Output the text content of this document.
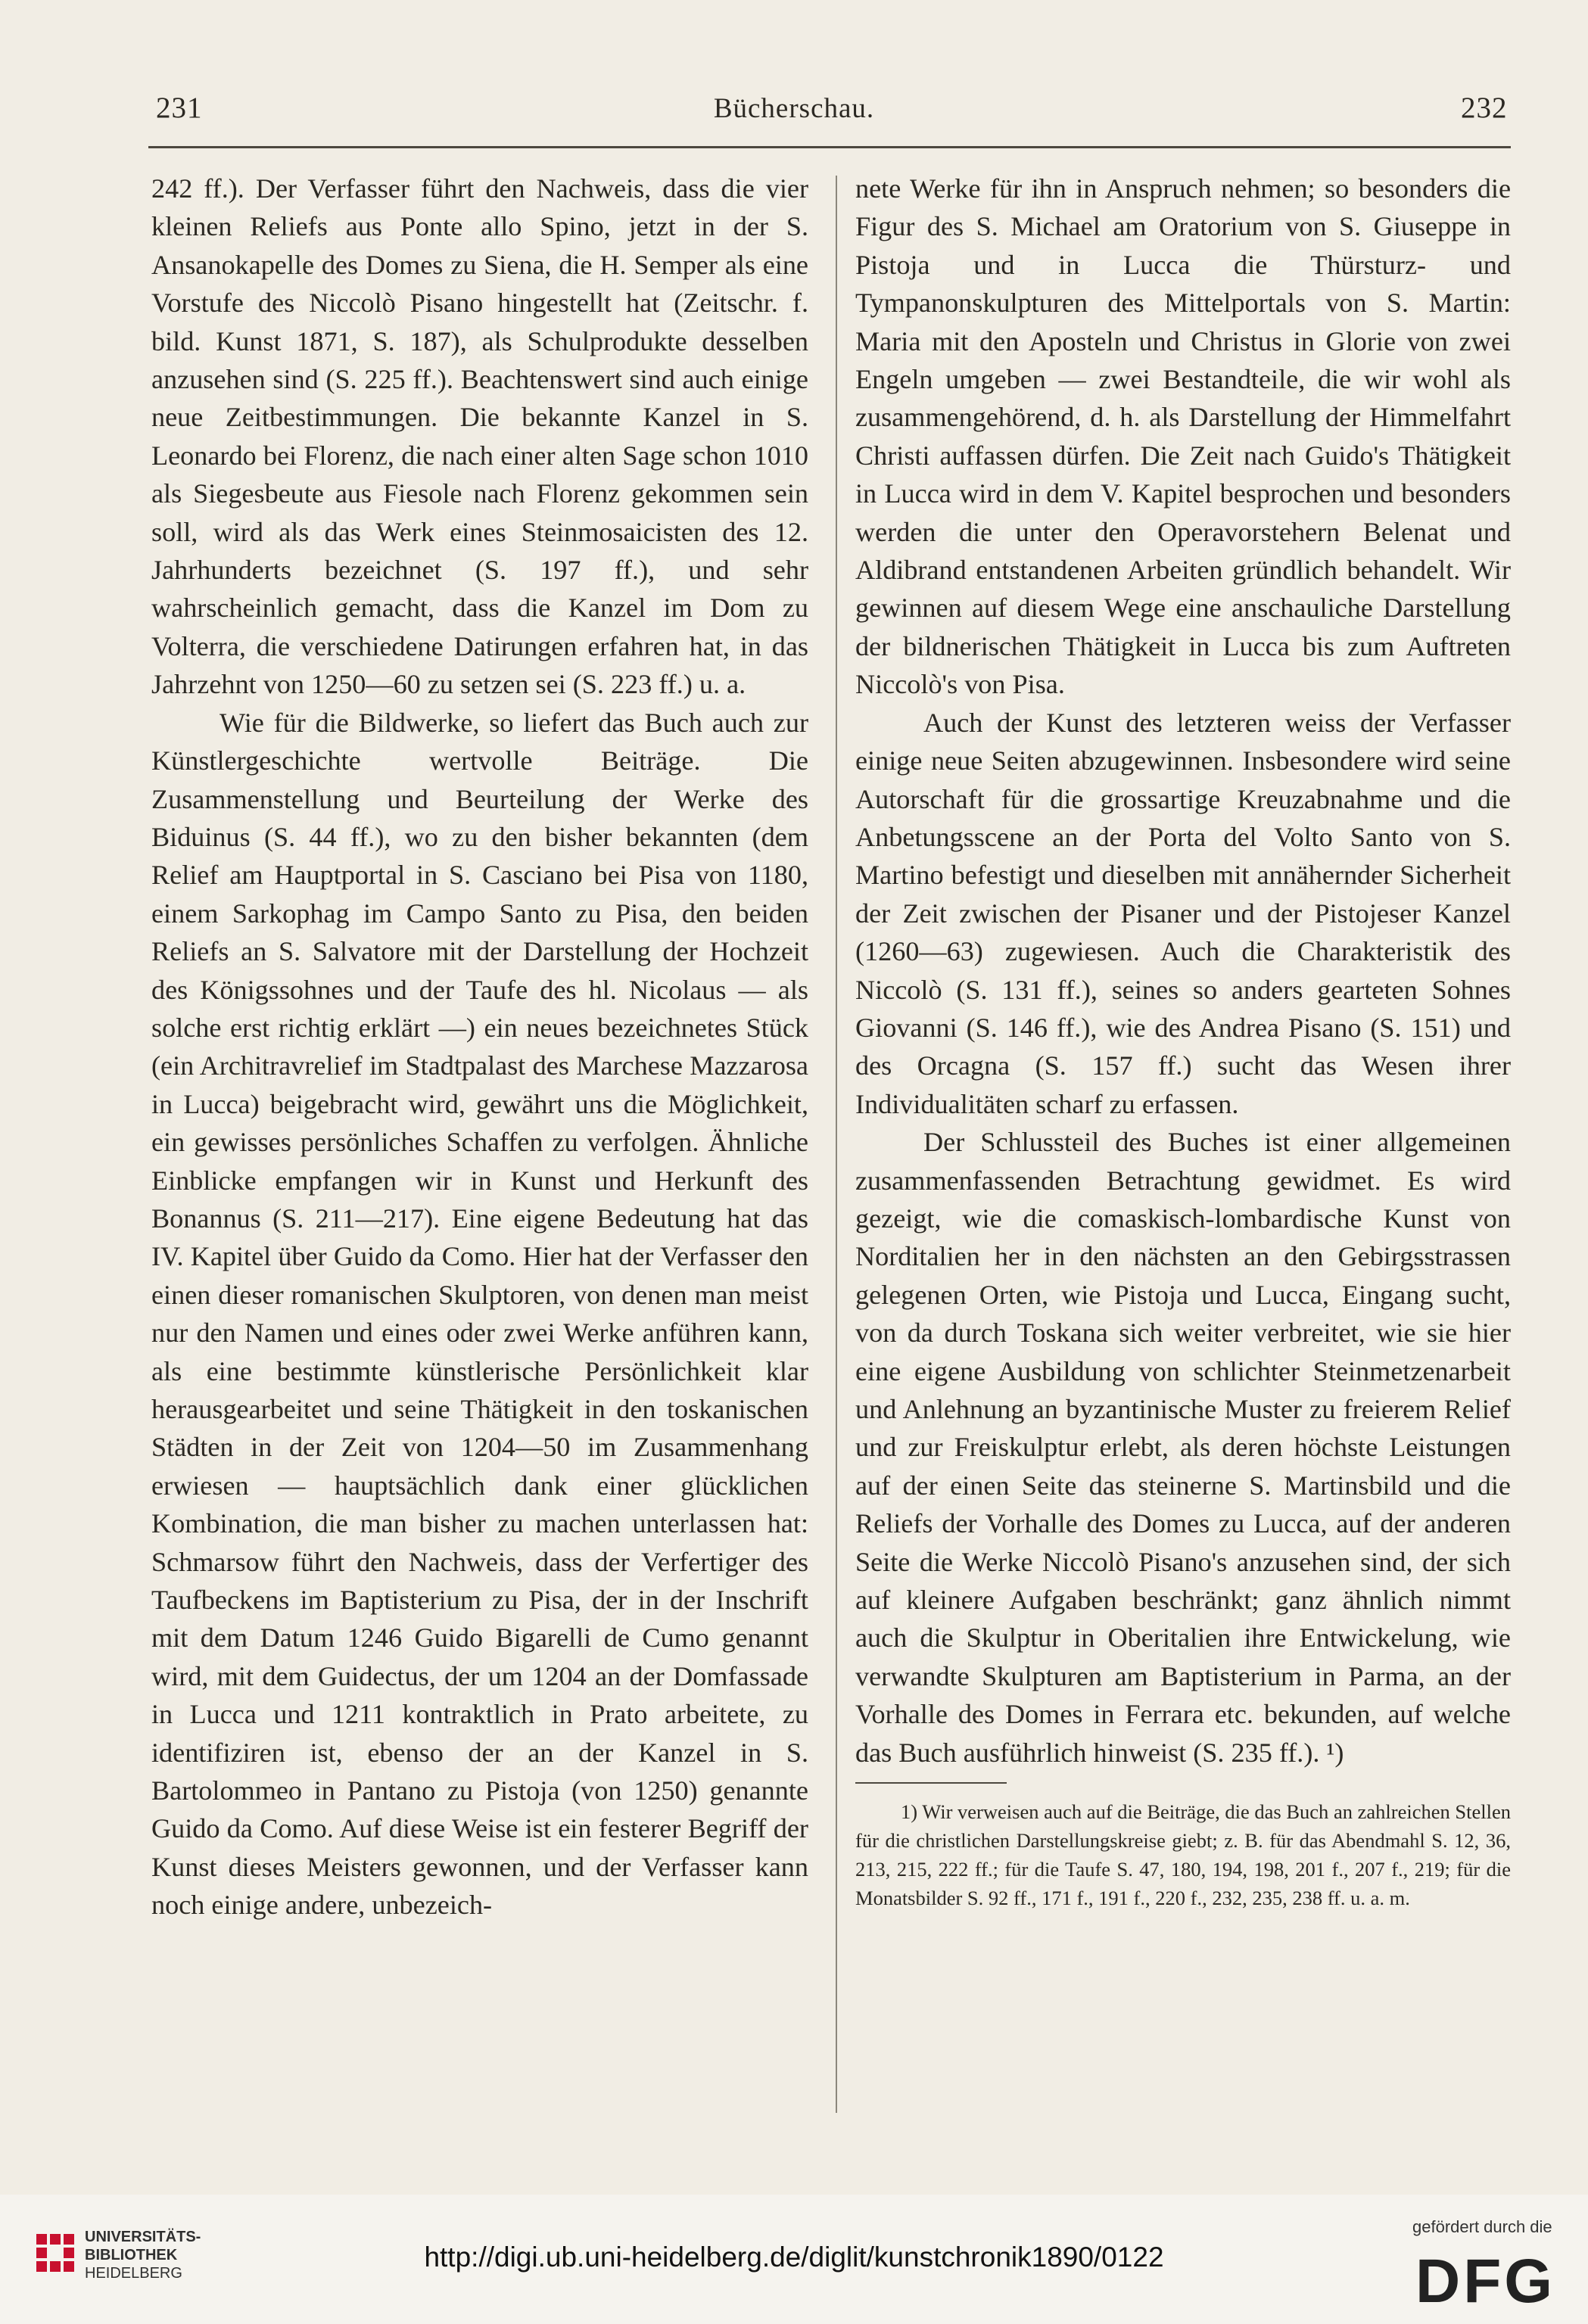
231	Bücherschau.	232

242 ff.). Der Verfasser führt den Nachweis, dass die vier kleinen Reliefs aus Ponte allo Spino, jetzt in der S. Ansanokapelle des Domes zu Siena, die H. Semper als eine Vorstufe des Niccolò Pisano hingestellt hat (Zeitschr. f. bild. Kunst 1871, S. 187), als Schulprodukte desselben anzusehen sind (S. 225 ff.). Beachtenswert sind auch einige neue Zeitbestimmungen. Die bekannte Kanzel in S. Leonardo bei Florenz, die nach einer alten Sage schon 1010 als Siegesbeute aus Fiesole nach Florenz gekommen sein soll, wird als das Werk eines Steinmosaicisten des 12. Jahrhunderts bezeichnet (S. 197 ff.), und sehr wahrscheinlich gemacht, dass die Kanzel im Dom zu Volterra, die verschiedene Datirungen erfahren hat, in das Jahrzehnt von 1250—60 zu setzen sei (S. 223 ff.) u. a.

Wie für die Bildwerke, so liefert das Buch auch zur Künstlergeschichte wertvolle Beiträge. Die Zusammenstellung und Beurteilung der Werke des Biduinus (S. 44 ff.), wo zu den bisher bekannten (dem Relief am Hauptportal in S. Casciano bei Pisa von 1180, einem Sarkophag im Campo Santo zu Pisa, den beiden Reliefs an S. Salvatore mit der Darstellung der Hochzeit des Königssohnes und der Taufe des hl. Nicolaus — als solche erst richtig erklärt —) ein neues bezeichnetes Stück (ein Architravrelief im Stadtpalast des Marchese Mazzarosa in Lucca) beigebracht wird, gewährt uns die Möglichkeit, ein gewisses persönliches Schaffen zu verfolgen. Ähnliche Einblicke empfangen wir in Kunst und Herkunft des Bonannus (S. 211—217). Eine eigene Bedeutung hat das IV. Kapitel über Guido da Como. Hier hat der Verfasser den einen dieser romanischen Skulptoren, von denen man meist nur den Namen und eines oder zwei Werke anführen kann, als eine bestimmte künstlerische Persönlichkeit klar herausgearbeitet und seine Thätigkeit in den toskanischen Städten in der Zeit von 1204—50 im Zusammenhang erwiesen — hauptsächlich dank einer glücklichen Kombination, die man bisher zu machen unterlassen hat: Schmarsow führt den Nachweis, dass der Verfertiger des Taufbeckens im Baptisterium zu Pisa, der in der Inschrift mit dem Datum 1246 Guido Bigarelli de Cumo genannt wird, mit dem Guidectus, der um 1204 an der Domfassade in Lucca und 1211 kontraktlich in Prato arbeitete, zu identifiziren ist, ebenso der an der Kanzel in S. Bartolommeo in Pantano zu Pistoja (von 1250) genannte Guido da Como. Auf diese Weise ist ein festerer Begriff der Kunst dieses Meisters gewonnen, und der Verfasser kann noch einige andere, unbezeich-

nete Werke für ihn in Anspruch nehmen; so besonders die Figur des S. Michael am Oratorium von S. Giuseppe in Pistoja und in Lucca die Thürsturz- und Tympanonskulpturen des Mittelportals von S. Martin: Maria mit den Aposteln und Christus in Glorie von zwei Engeln umgeben — zwei Bestandteile, die wir wohl als zusammengehörend, d. h. als Darstellung der Himmelfahrt Christi auffassen dürfen. Die Zeit nach Guido's Thätigkeit in Lucca wird in dem V. Kapitel besprochen und besonders werden die unter den Operavorstehern Belenat und Aldibrand entstandenen Arbeiten gründlich behandelt. Wir gewinnen auf diesem Wege eine anschauliche Darstellung der bildnerischen Thätigkeit in Lucca bis zum Auftreten Niccolò's von Pisa.

Auch der Kunst des letzteren weiss der Verfasser einige neue Seiten abzugewinnen. Insbesondere wird seine Autorschaft für die grossartige Kreuzabnahme und die Anbetungsscene an der Porta del Volto Santo von S. Martino befestigt und dieselben mit annähernder Sicherheit der Zeit zwischen der Pisaner und der Pistojeser Kanzel (1260—63) zugewiesen. Auch die Charakteristik des Niccolò (S. 131 ff.), seines so anders gearteten Sohnes Giovanni (S. 146 ff.), wie des Andrea Pisano (S. 151) und des Orcagna (S. 157 ff.) sucht das Wesen ihrer Individualitäten scharf zu erfassen.

Der Schlussteil des Buches ist einer allgemeinen zusammenfassenden Betrachtung gewidmet. Es wird gezeigt, wie die comaskisch-lombardische Kunst von Norditalien her in den nächsten an den Gebirgsstrassen gelegenen Orten, wie Pistoja und Lucca, Eingang sucht, von da durch Toskana sich weiter verbreitet, wie sie hier eine eigene Ausbildung von schlichter Steinmetzenarbeit und Anlehnung an byzantinische Muster zu freierem Relief und zur Freiskulptur erlebt, als deren höchste Leistungen auf der einen Seite das steinerne S. Martinsbild und die Reliefs der Vorhalle des Domes zu Lucca, auf der anderen Seite die Werke Niccolò Pisano's anzusehen sind, der sich auf kleinere Aufgaben beschränkt; ganz ähnlich nimmt auch die Skulptur in Oberitalien ihre Entwickelung, wie verwandte Skulpturen am Baptisterium in Parma, an der Vorhalle des Domes in Ferrara etc. bekunden, auf welche das Buch ausführlich hinweist (S. 235 ff.). ¹)

1) Wir verweisen auch auf die Beiträge, die das Buch an zahlreichen Stellen für die christlichen Darstellungskreise giebt; z. B. für das Abendmahl S. 12, 36, 213, 215, 222 ff.; für die Taufe S. 47, 180, 194, 198, 201 f., 207 f., 219; für die Monatsbilder S. 92 ff., 171 f., 191 f., 220 f., 232, 235, 238 ff. u. a. m.

UNIVERSITÄTS-
BIBLIOTHEK
HEIDELBERG
http://digi.ub.uni-heidelberg.de/diglit/kunstchronik1890/0122
gefördert durch die
DFG
